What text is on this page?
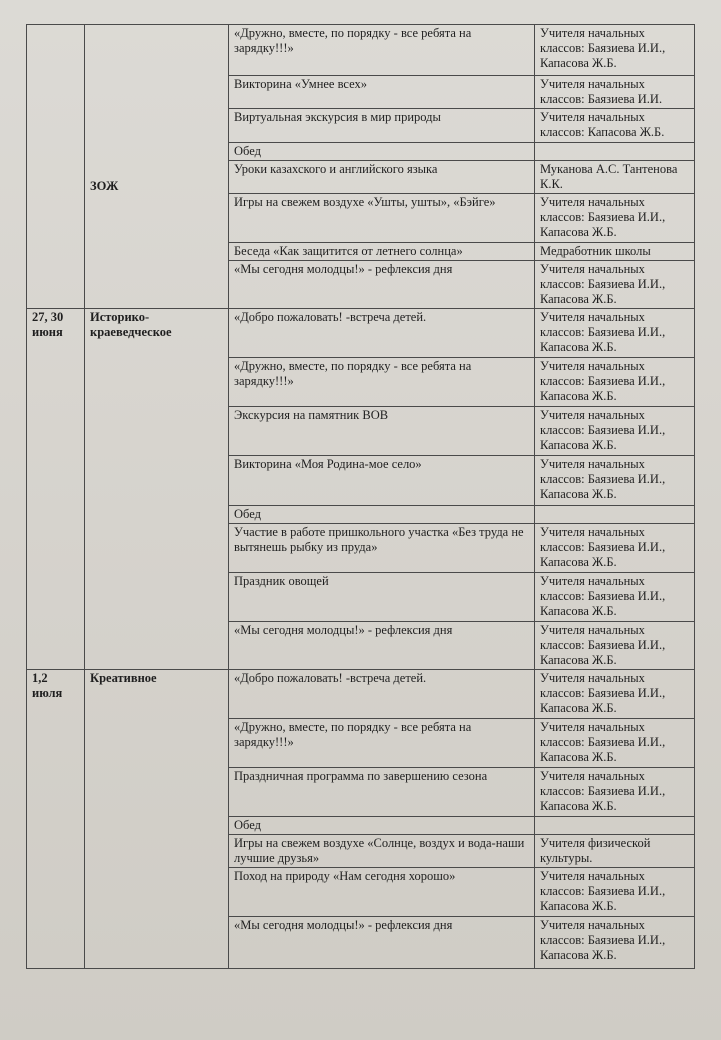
	ЗОЖ	«Дружно, вместе, по порядку - все ребята на зарядку!!!»	Учителя начальных классов: Баязиева И.И., Капасова Ж.Б.
		Викторина «Умнее всех»	Учителя начальных классов: Баязиева И.И.
		Виртуальная экскурсия в мир природы	Учителя начальных классов: Капасова Ж.Б.
		Обед	
		Уроки казахского и английского языка	Муканова А.С. Тантенова К.К.
		Игры на свежем воздухе «Ушты, ушты», «Бэйге»	Учителя начальных классов: Баязиева И.И., Капасова Ж.Б.
		Беседа «Как защитится от летнего солнца»	Медработник школы
		«Мы сегодня молодцы!» - рефлексия дня	Учителя начальных классов: Баязиева И.И., Капасова Ж.Б.
27, 30 июня	Историко-краеведческое	«Добро пожаловать! -встреча детей.	Учителя начальных классов: Баязиева И.И., Капасова Ж.Б.
		«Дружно, вместе, по порядку - все ребята на зарядку!!!»	Учителя начальных классов: Баязиева И.И., Капасова Ж.Б.
		Экскурсия на памятник ВОВ	Учителя начальных классов: Баязиева И.И., Капасова Ж.Б.
		Викторина «Моя Родина-мое село»	Учителя начальных классов: Баязиева И.И., Капасова Ж.Б.
		Обед	
		Участие в работе пришкольного участка «Без труда не вытянешь рыбку из пруда»	Учителя начальных классов: Баязиева И.И., Капасова Ж.Б.
		Праздник овощей	Учителя начальных классов: Баязиева И.И., Капасова Ж.Б.
		«Мы сегодня молодцы!» - рефлексия дня	Учителя начальных классов: Баязиева И.И., Капасова Ж.Б.
1,2 июля	Креативное	«Добро пожаловать! -встреча детей.	Учителя начальных классов: Баязиева И.И., Капасова Ж.Б.
		«Дружно, вместе, по порядку - все ребята на зарядку!!!»	Учителя начальных классов: Баязиева И.И., Капасова Ж.Б.
		Праздничная программа по завершению сезона	Учителя начальных классов: Баязиева И.И., Капасова Ж.Б.
		Обед	
		Игры на свежем воздухе «Солнце, воздух и вода-наши лучшие друзья»	Учителя физической культуры.
		Поход на природу «Нам сегодня хорошо»	Учителя начальных классов: Баязиева И.И., Капасова Ж.Б.
		«Мы сегодня молодцы!» - рефлексия дня	Учителя начальных классов: Баязиева И.И., Капасова Ж.Б.
